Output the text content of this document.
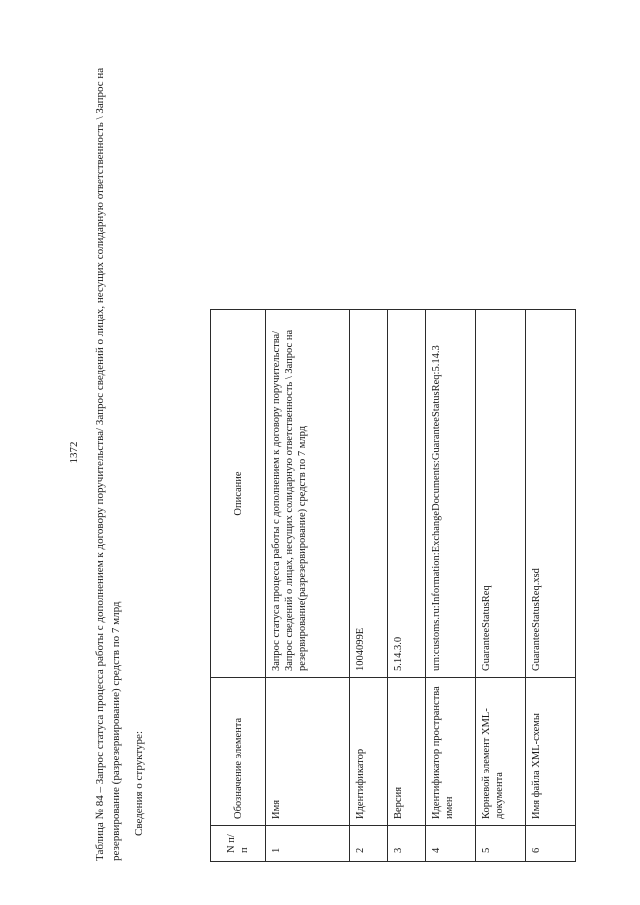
1372 Таблица № 84 – Запрос статуса процесса работы с дополнением к договору поручительства/ Запрос сведений о лицах, несущих солидарную ответственность \ Запрос на резервирование (разрезервирование) средств по 7 млрд Сведения о структуре:

N п/п	Обозначение элемента	Описание
1	Имя	Запрос статуса процесса работы с дополнением к договору поручительства/ Запрос сведений о лицах, несущих солидарную ответственность \ Запрос на резервирование(разрезервирование) средств по 7 млрд
2	Идентификатор	1004099E
3	Версия	5.14.3.0
4	Идентификатор пространства имен	urn:customs.ru:Information:ExchangeDocuments:GuaranteeStatusReq:5.14.3
5	Корневой элемент XML-документа	GuaranteeStatusReq
6	Имя файла XML-схемы	GuaranteeStatusReq.xsd
